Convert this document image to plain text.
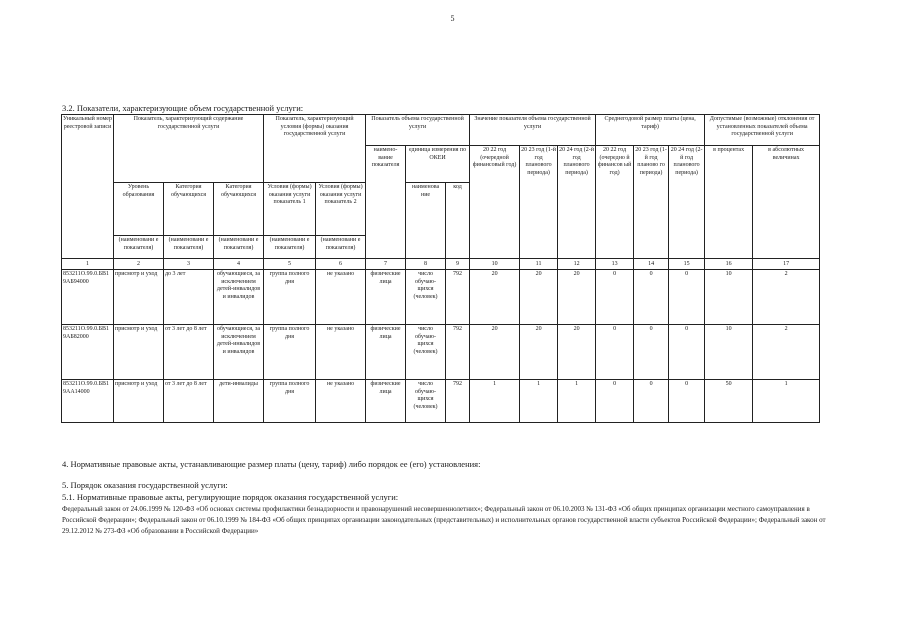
5
3.2. Показатели, характеризующие объем государственной услуги:
Уникальный номер реестровой записи	Показатель, характеризующий содержание государственной услуги			Показатель, характеризующий условия (формы) оказания государственной услуги		Показатель объема государственной услуги			Значение показателя объема государственной услуги			Среднегодовой размер платы (цена, тариф)			Допустимые (возможные) отклонения от установленных показателей объема государственной услуги	
						наимено-вание показателя	единица измерения по ОКЕИ		20 22 год (очередной финансовый год)	20 23 год (1-й год планового периода)	20 24 год (2-й год планового периода)	20 22 год (очередно й финансов ый год)	20 23 год (1-й год планово го периода)	20 24 год (2-й год планового периода)	в процентах	в абсолютных величинах
	Уровень образования	Категория обучающихся	Категория обучающихся	Условия (формы) оказания услуги показатель 1	Условия (формы) оказания услуги показатель 2		наименова ние	код								
	(наименовани е показателя)	(наименовани е показателя)	(наименовани е показателя)	(наименовани е показателя)	(наименовани е показателя)											
1	2	3	4	5	6	7	8	9	10	11	12	13	14	15	16	17
853211О.99.0.БВ19АБ94000	присмотр и уход	до 3 лет	обучающиеся, за исключением детей-инвалидов и инвалидов	группа полного дня	не указано	физические лица	число обучаю-щихся (человек)	792	20	20	20	0	0	0	10	2
853211О.99.0.БВ19АБ82000	присмотр и уход	от 3 лет до 8 лет	обучающиеся, за исключением детей-инвалидов и инвалидов	группа полного дня	не указано	физические лица	число обучаю-щихся (человек)	792	20	20	20	0	0	0	10	2
853211О.99.0.БВ19АА14000	присмотр и уход	от 3 лет до 8 лет	дети-инвалиды	группа полного дня	не указано	физические лица	число обучаю-щихся (человек)	792	1	1	1	0	0	0	50	1
4. Нормативные правовые акты, устанавливающие размер платы (цену, тариф) либо порядок ее (его) установления:
5. Порядок оказания государственной услуги:
5.1. Нормативные правовые акты, регулирующие порядок оказания государственной услуги:
Федеральный закон от 24.06.1999 № 120-ФЗ «Об основах системы профилактики безнадзорности и правонарушений несовершеннолетних»; Федеральный закон от 06.10.2003 № 131-ФЗ «Об общих принципах организации местного самоуправления в Российской Федерации»; Федеральный закон от 06.10.1999 № 184-ФЗ «Об общих принципах организации законодательных (представительных) и исполнительных органов государственной власти субъектов Российской Федерации»; Федеральный закон от 29.12.2012 № 273-ФЗ «Об образовании в Российской Федерации»
